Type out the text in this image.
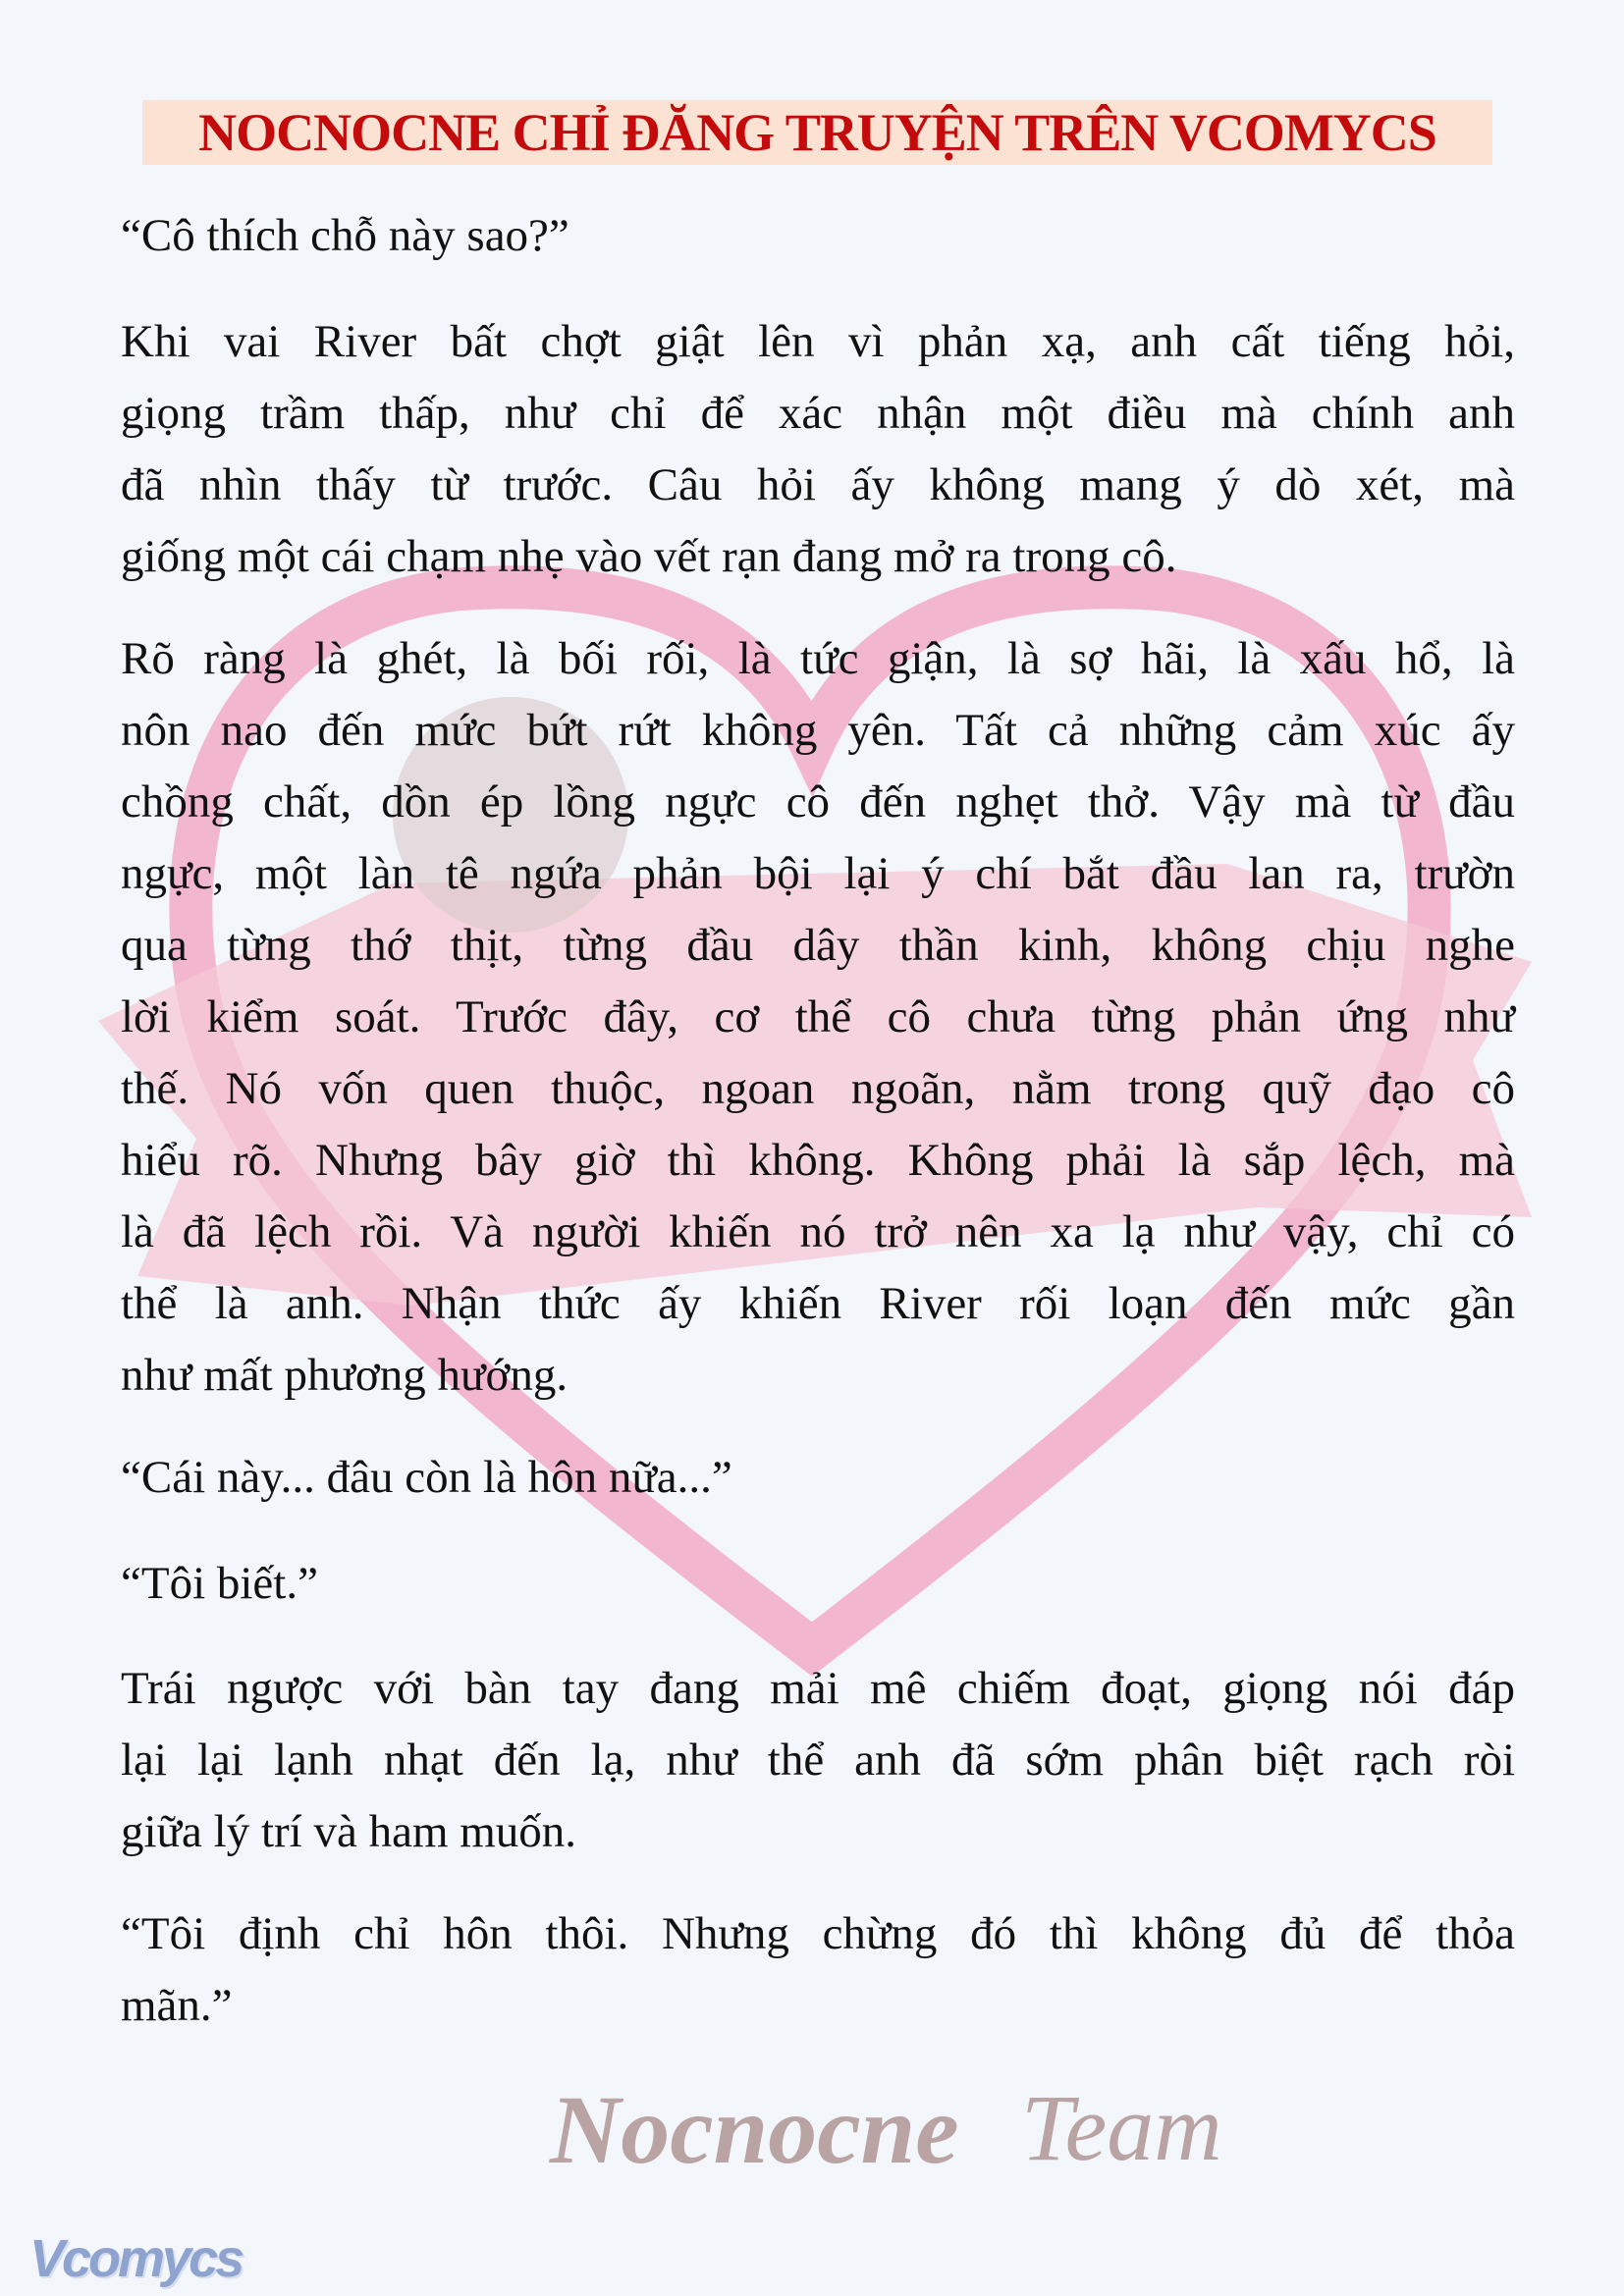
NOCNOCNE CHỈ ĐĂNG TRUYỆN TRÊN VCOMYCS
“Cô thích chỗ này sao?”
Khi vai River bất chợt giật lên vì phản xạ, anh cất tiếng hỏi,
giọng trầm thấp, như chỉ để xác nhận một điều mà chính anh
đã nhìn thấy từ trước. Câu hỏi ấy không mang ý dò xét, mà
giống một cái chạm nhẹ vào vết rạn đang mở ra trong cô.
Rõ ràng là ghét, là bối rối, là tức giận, là sợ hãi, là xấu hổ, là
nôn nao đến mức bứt rứt không yên. Tất cả những cảm xúc ấy
chồng chất, dồn ép lồng ngực cô đến nghẹt thở. Vậy mà từ đầu
ngực, một làn tê ngứa phản bội lại ý chí bắt đầu lan ra, trườn
qua từng thớ thịt, từng đầu dây thần kinh, không chịu nghe
lời kiểm soát. Trước đây, cơ thể cô chưa từng phản ứng như
thế. Nó vốn quen thuộc, ngoan ngoãn, nằm trong quỹ đạo cô
hiểu rõ. Nhưng bây giờ thì không. Không phải là sắp lệch, mà
là đã lệch rồi. Và người khiến nó trở nên xa lạ như vậy, chỉ có
thể là anh. Nhận thức ấy khiến River rối loạn đến mức gần
như mất phương hướng.
“Cái này... đâu còn là hôn nữa...”
“Tôi biết.”
Trái ngược với bàn tay đang mải mê chiếm đoạt, giọng nói đáp
lại lại lạnh nhạt đến lạ, như thể anh đã sớm phân biệt rạch ròi
giữa lý trí và ham muốn.
“Tôi định chỉ hôn thôi. Nhưng chừng đó thì không đủ để thỏa
mãn.”
Nocnocne Team
Vcomycs
